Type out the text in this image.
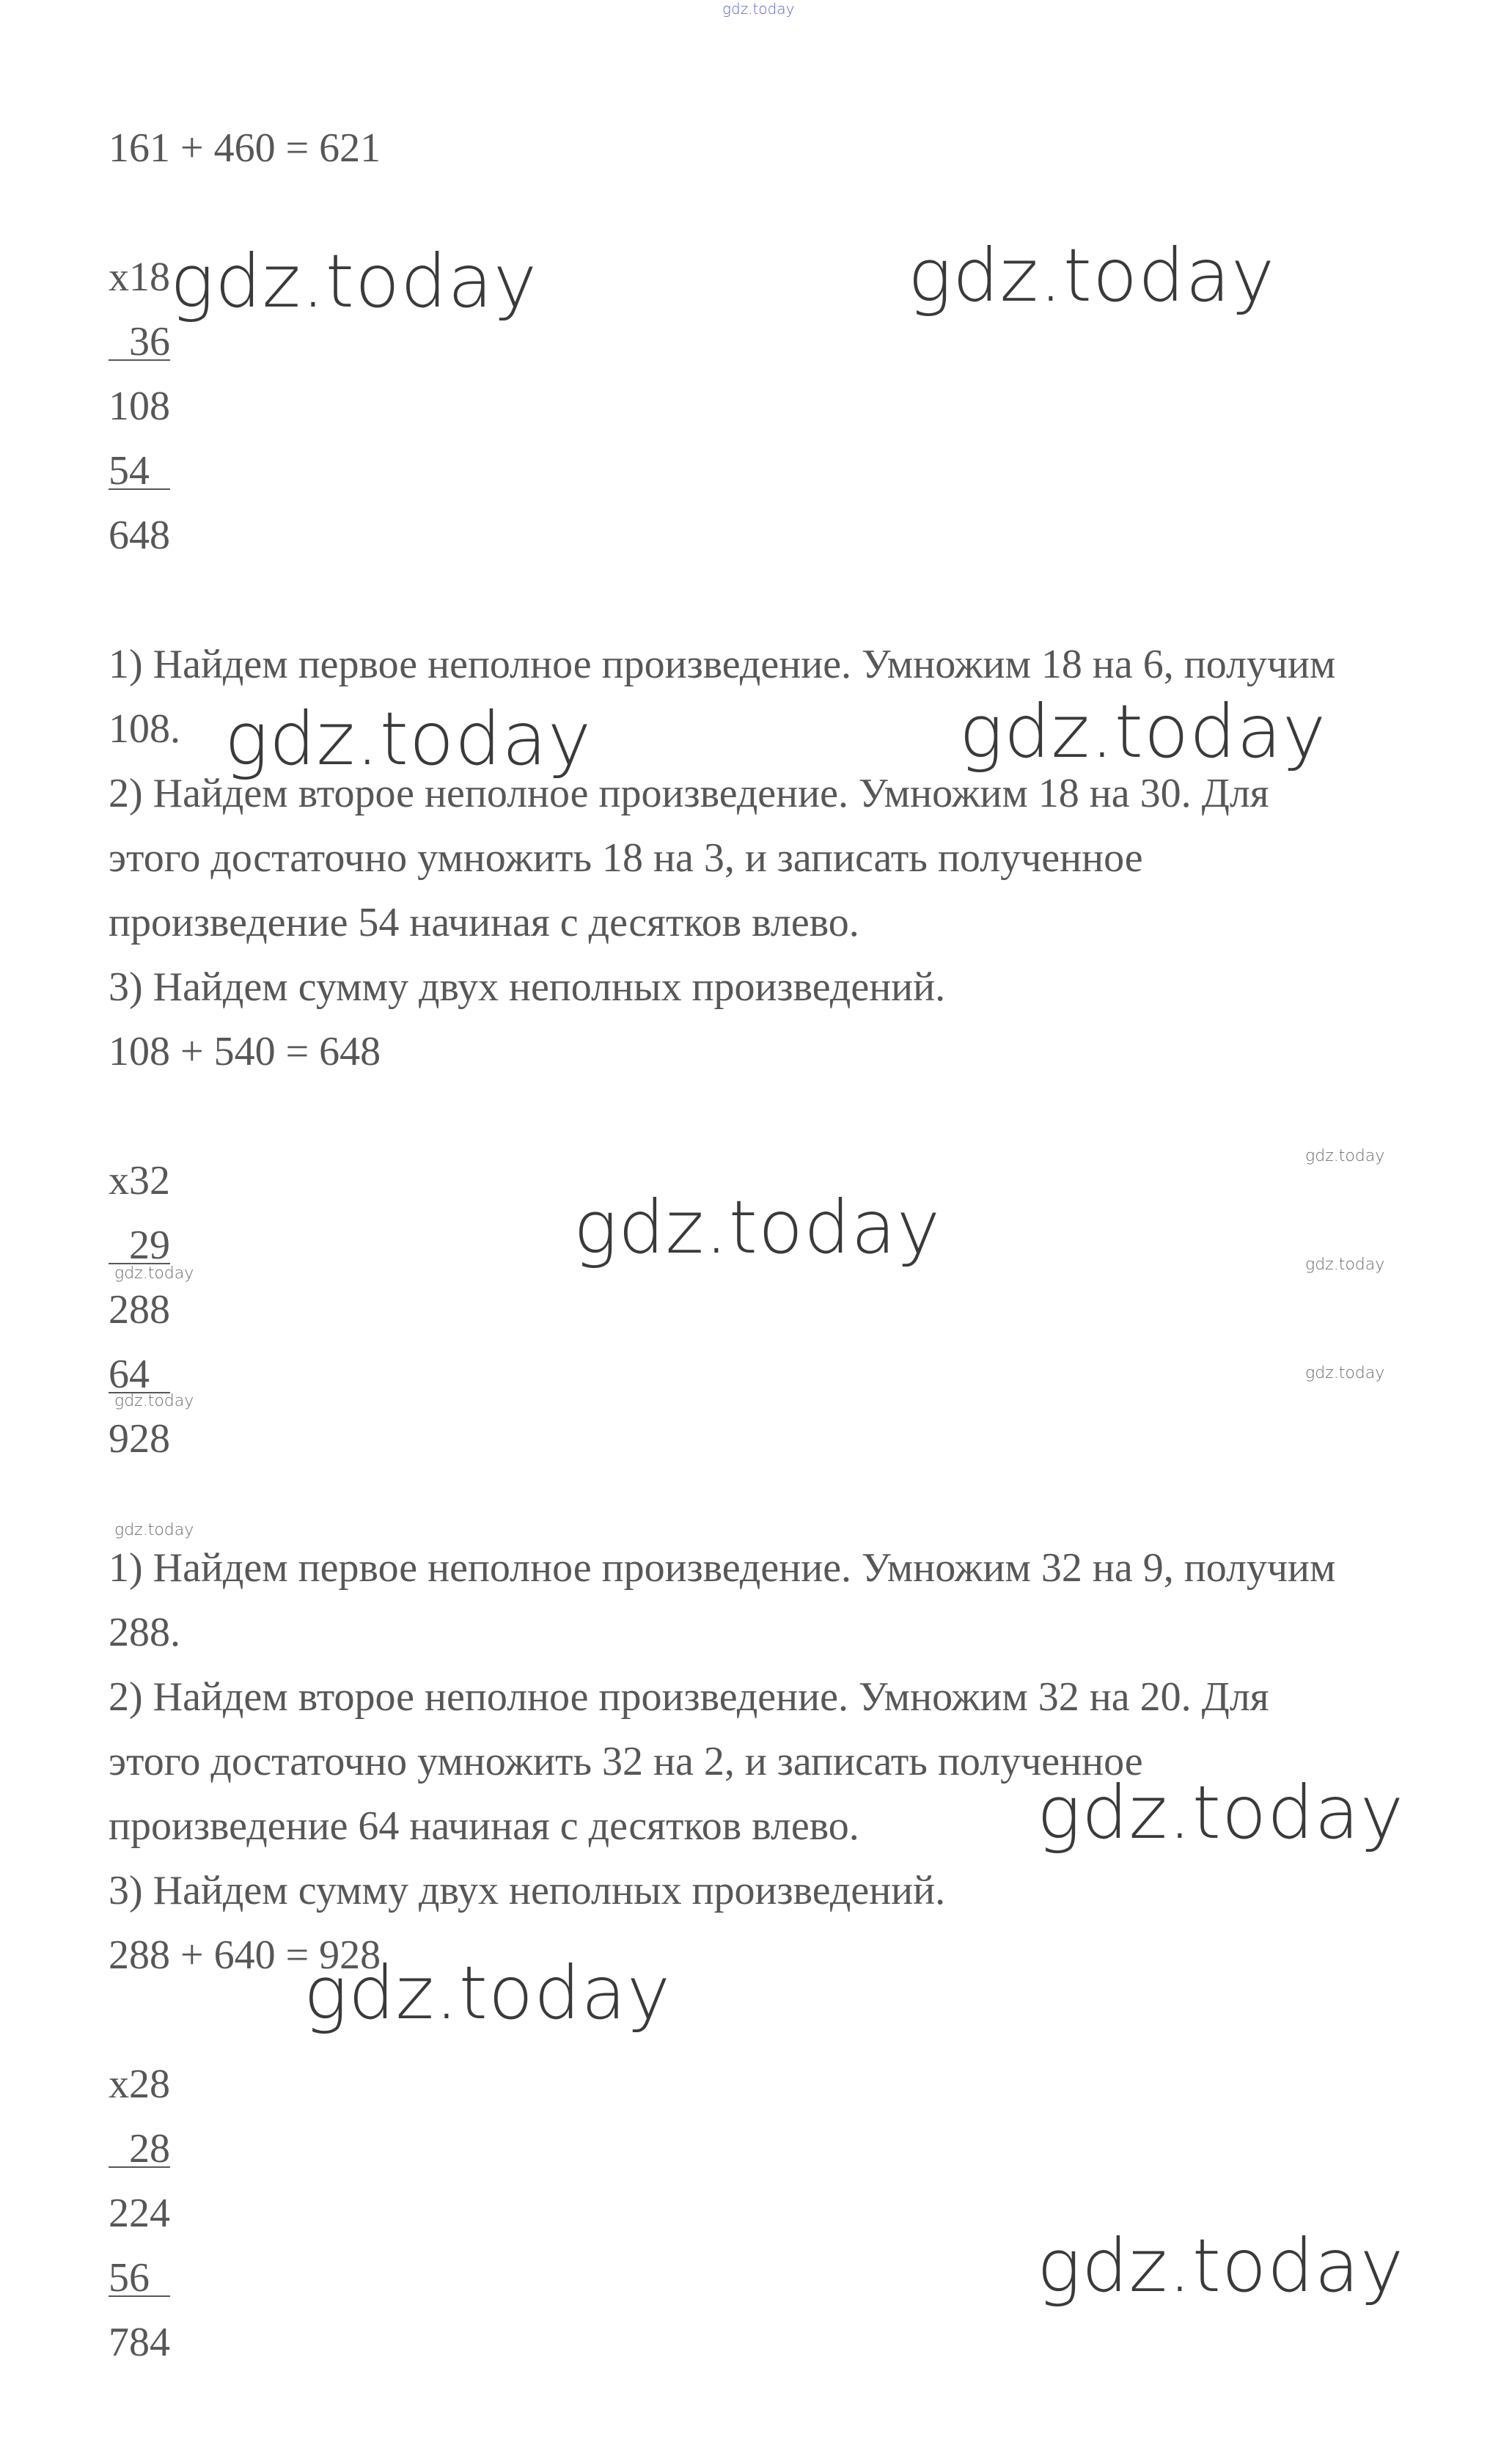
gdz.today
161 + 460 = 621
x18
36
108
54
648
1) Найдем первое неполное произведение. Умножим 18 на 6, получим
108.
2) Найдем второе неполное произведение. Умножим 18 на 30. Для
этого достаточно умножить 18 на 3, и записать полученное
произведение 54 начиная с десятков влево.
3) Найдем сумму двух неполных произведений.
108 + 540 = 648
x32
29
288
64
928
1) Найдем первое неполное произведение. Умножим 32 на 9, получим
288.
2) Найдем второе неполное произведение. Умножим 32 на 20. Для
этого достаточно умножить 32 на 2, и записать полученное
произведение 64 начиная с десятков влево.
3) Найдем сумму двух неполных произведений.
288 + 640 = 928
x28
28
224
56
784
gdz.today	gdz.today
gdz.today	gdz.today
gdz.today
gdz.today
gdz.today
gdz.today
gdz.today
gdz.today
gdz.today
gdz.today
gdz.today
gdz.today
